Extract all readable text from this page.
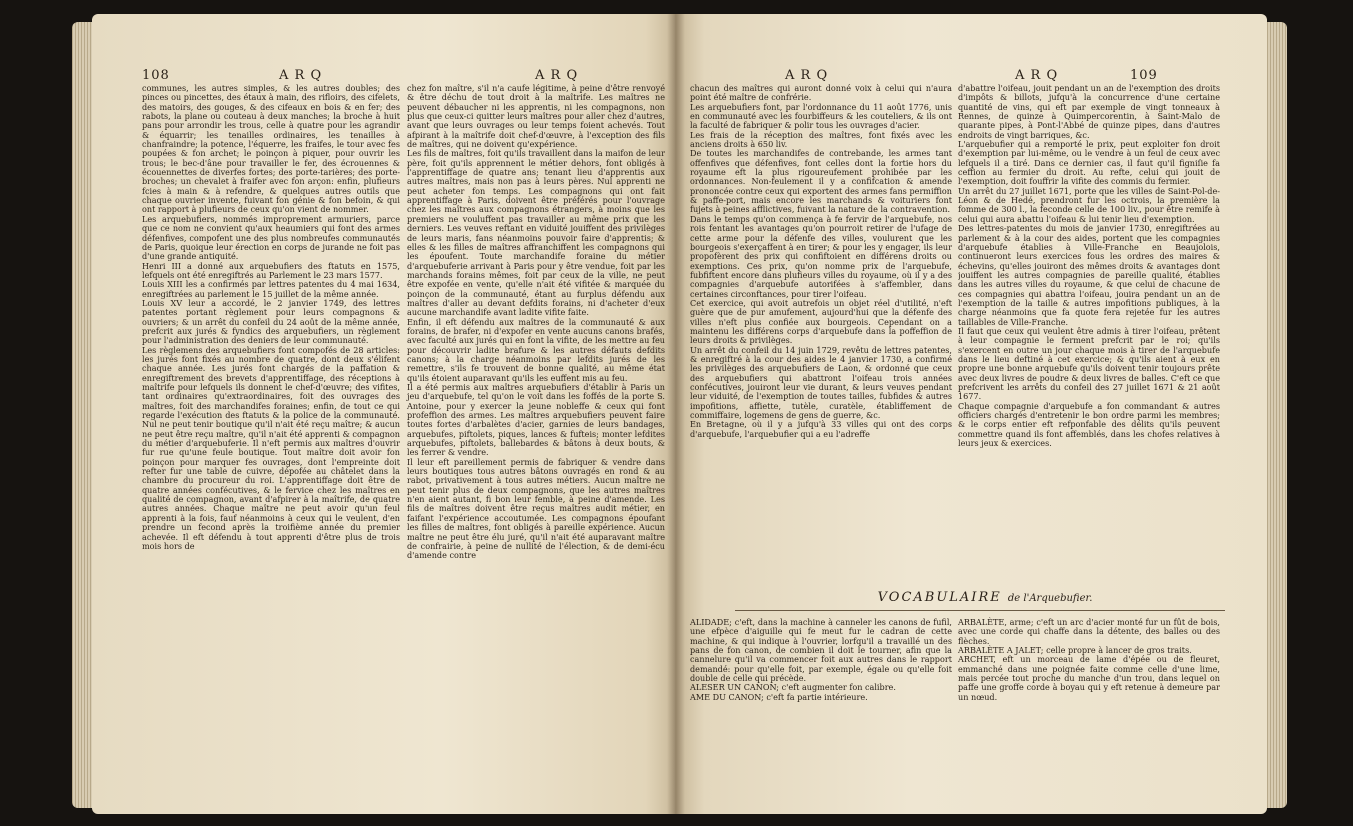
108	A R Q	A R Q
communes, les autres simples, & les autres doubles; des pinces ou pincettes, des étaux à main, des rifloirs, des cifelets, des matoirs, des gouges, & des cifeaux en bois & en fer; des rabots, la plane ou couteau à deux manches; la broche à huit pans pour arrondir les trous, celle à quatre pour les agrandir & équarrir; les tenailles ordinaires, les tenailles à chanfraindre; la potence, l'équerre, les fraifes, le tour avec fes poupées & fon archet; le poinçon à piquer, pour ouvrir les trous; le bec-d'âne pour travailler le fer, des écrouennes & écouennettes de diverfes fortes; des porte-tarières; des porte-broches; un chevalet à fraifer avec fon arçon: enfin, plufieurs fcies à main & à refendre, & quelques autres outils que chaque ouvrier invente, fuivant fon génie & fon befoin, & qui ont rapport à plufieurs de ceux qu'on vient de nommer.
Les arquebufiers, nommés improprement armuriers, parce que ce nom ne convient qu'aux heaumiers qui font des armes défenfives, compofent une des plus nombreufes communautés de Paris, quoique leur érection en corps de jurande ne foit pas d'une grande antiquité.
Henri III a donné aux arquebufiers des ftatuts en 1575, lefquels ont été enregiftrés au Parlement le 23 mars 1577.
Louis XIII les a confirmés par lettres patentes du 4 mai 1634, enregiftrées au parlement le 15 juillet de la même année.
Louis XV leur a accordé, le 2 janvier 1749, des lettres patentes portant règlement pour leurs compagnons & ouvriers; & un arrêt du confeil du 24 août de la même année, prefcrit aux jurés & fyndics des arquebufiers, un règlement pour l'administration des deniers de leur communauté.
Les règlemens des arquebufiers font compofés de 28 articles: les jurés font fixés au nombre de quatre, dont deux s'élifent chaque année. Les jurés font chargés de la paffation & enregiftrement des brevets d'apprentiffage, des réceptions à maîtrife pour lefquels ils donnent le chef-d'œuvre; des vifites, tant ordinaires qu'extraordinaires, foit des ouvrages des maîtres, foit des marchandifes foraines; enfin, de tout ce qui regarde l'exécution des ftatuts & la police de la communauté. Nul ne peut tenir boutique qu'il n'ait été reçu maître; & aucun ne peut être reçu maître, qu'il n'ait été apprenti & compagnon du métier d'arquebuferie. Il n'eft permis aux maîtres d'ouvrir fur rue qu'une feule boutique. Tout maître doit avoir fon poinçon pour marquer fes ouvrages, dont l'empreinte doit refter fur une table de cuivre, dépofée au châtelet dans la chambre du procureur du roi. L'apprentiffage doit être de quatre années confécutives, & le fervice chez les maîtres en qualité de compagnon, avant d'afpirer à la maîtrife, de quatre autres années. Chaque maître ne peut avoir qu'un feul apprenti à la fois, fauf néanmoins à ceux qui le veulent, d'en prendre un fecond après la troifième année du premier achevée. Il eft défendu à tout apprenti d'être plus de trois mois hors de
chez fon maître, s'il n'a caufe légitime, à peine d'être renvoyé & être déchu de tout droit à la maîtrife. Les maîtres ne peuvent débaucher ni les apprentis, ni les compagnons, non plus que ceux-ci quitter leurs maîtres pour aller chez d'autres, avant que leurs ouvrages ou leur temps foient achevés. Tout afpirant à la maîtrife doit chef-d'œuvre, à l'exception des fils de maîtres, qui ne doivent qu'expérience.
Les fils de maîtres, foit qu'ils travaillent dans la maifon de leur père, foit qu'ils apprennent le métier dehors, font obligés à l'apprentiffage de quatre ans; tenant lieu d'apprentis aux autres maîtres, mais non pas à leurs pères. Nul apprenti ne peut acheter fon temps. Les compagnons qui ont fait apprentiffage à Paris, doivent être préférés pour l'ouvrage chez les maîtres aux compagnons étrangers, à moins que les premiers ne vouluffent pas travailler au même prix que les derniers. Les veuves reftant en viduité jouiffent des privilèges de leurs maris, fans néanmoins pouvoir faire d'apprentis; & elles & les filles de maîtres affranchiffent les compagnons qui les époufent. Toute marchandife foraine du métier d'arquebuferie arrivant à Paris pour y être vendue, foit par les marchands forains mêmes, foit par ceux de la ville, ne peut être expofée en vente, qu'elle n'ait été vifitée & marquée du poinçon de la communauté, étant au furplus défendu aux maîtres d'aller au devant defdits forains, ni d'acheter d'eux aucune marchandife avant ladite vifite faite.
Enfin, il eft défendu aux maîtres de la communauté & aux forains, de brafer, ni d'expofer en vente aucuns canons brafés, avec faculté aux jurés qui en font la vifite, de les mettre au feu pour découvrir ladite brafure & les autres défauts defdits canons; à la charge néanmoins par lefdits jurés de les remettre, s'ils fe trouvent de bonne qualité, au même état qu'ils étoient auparavant qu'ils les euffent mis au feu.
Il a été permis aux maîtres arquebufiers d'établir à Paris un jeu d'arquebufe, tel qu'on le voit dans les foffés de la porte S. Antoine, pour y exercer la jeune nobleffe & ceux qui font profeffion des armes. Les maîtres arquebufiers peuvent faire toutes fortes d'arbalètes d'acier, garnies de leurs bandages, arquebufes, piftolets, piques, lances & fufteis; monter lefdites arquebufes, piftolets, ballebardes & bâtons à deux bouts, & les ferrer & vendre.
Il leur eft pareillement permis de fabriquer & vendre dans leurs boutiques tous autres bâtons ouvragés en rond & au rabot, privativement à tous autres métiers. Aucun maître ne peut tenir plus de deux compagnons, que les autres maîtres n'en aient autant, fi bon leur femble, à peine d'amende. Les fils de maîtres doivent être reçus maîtres audit métier, en faifant l'expérience accoutumée. Les compagnons époufant les filles de maîtres, font obligés à pareille expérience. Aucun maître ne peut être élu juré, qu'il n'ait été auparavant maître de confrairie, à peine de nullité de l'élection, & de demi-écu d'amende contre
A R Q	A R Q	109
chacun des maîtres qui auront donné voix à celui qui n'aura point été maître de confrérie.
Les arquebufiers font, par l'ordonnance du 11 août 1776, unis en communauté avec les fourbiffeurs & les couteliers, & ils ont la faculté de fabriquer & polir tous les ouvrages d'acier.
Les frais de la réception des maîtres, font fixés avec les anciens droits à 650 liv.
De toutes les marchandifes de contrebande, les armes tant offenfives que défenfives, font celles dont la fortie hors du royaume eft la plus rigoureufement prohibée par les ordonnances. Non-feulement il y a confifcation & amende prononcée contre ceux qui exportent des armes fans permiffion & paffe-port, mais encore les marchands & voituriers font fujets à peines afflictives, fuivant la nature de la contravention.
Dans le temps qu'on commença à fe fervir de l'arquebufe, nos rois fentant les avantages qu'on pourroit retirer de l'ufage de cette arme pour la défenfe des villes, voulurent que les bourgeois s'exerçaffent à en tirer; & pour les y engager, ils leur propofèrent des prix qui confiftoient en différens droits ou exemptions. Ces prix, qu'on nomme prix de l'arquebufe, fubfiftent encore dans plufieurs villes du royaume, où il y a des compagnies d'arquebufe autorifées à s'affembler, dans certaines circonftances, pour tirer l'oifeau.
Cet exercice, qui avoit autrefois un objet réel d'utilité, n'eft guère que de pur amufement, aujourd'hui que la défenfe des villes n'eft plus confiée aux bourgeois. Cependant on a maintenu les différens corps d'arquebufe dans la poffeffion de leurs droits & privilèges.
Un arrêt du confeil du 14 juin 1729, revêtu de lettres patentes, & enregiftré à la cour des aides le 4 janvier 1730, a confirmé les privilèges des arquebufiers de Laon, & ordonné que ceux des arquebufiers qui abattront l'oifeau trois années confécutives, jouiront leur vie durant, & leurs veuves pendant leur viduité, de l'exemption de toutes tailles, fubfides & autres impofitions, affiette, tutèle, curatèle, établiffement de commiffaire, logemens de gens de guerre, &c.
En Bretagne, où il y a jufqu'à 33 villes qui ont des corps d'arquebufe, l'arquebufier qui a eu l'adreffe
d'abattre l'oifeau, jouit pendant un an de l'exemption des droits d'impôts & billots, jufqu'à la concurrence d'une certaine quantité de vins, qui eft par exemple de vingt tonneaux à Rennes, de quinze à Quimpercorentin, à Saint-Malo de quarante pipes, à Pont-l'Abbé de quinze pipes, dans d'autres endroits de vingt barriques, &c.
L'arquebufier qui a remporté le prix, peut exploiter fon droit d'exemption par lui-même, ou le vendre à un feul de ceux avec lefquels il a tiré. Dans ce dernier cas, il faut qu'il figniſie fa ceffion au fermier du droit. Au refte, celui qui jouit de l'exemption, doit fouffrir la vifite des commis du fermier.
Un arrêt du 27 juillet 1671, porte que les villes de Saint-Pol-de-Léon & de Hedé, prendront fur les octrois, la première la fomme de 300 l., la feconde celle de 100 liv., pour être remife à celui qui aura abattu l'oifeau & lui tenir lieu d'exemption.
Des lettres-patentes du mois de janvier 1730, enregiftrées au parlement & à la cour des aides, portent que les compagnies d'arquebufe établies à Ville-Franche en Beaujolois, continueront leurs exercices fous les ordres des maires & échevins, qu'elles jouiront des mêmes droits & avantages dont jouiffent les autres compagnies de pareille qualité, établies dans les autres villes du royaume, & que celui de chacune de ces compagnies qui abattra l'oifeau, jouira pendant un an de l'exemption de la taille & autres impofitions publiques, à la charge néanmoins que fa quote fera rejetée fur les autres taillables de Ville-Franche.
Il faut que ceux qui veulent être admis à tirer l'oifeau, prêtent à leur compagnie le ferment prefcrit par le roi; qu'ils s'exercent en outre un jour chaque mois à tirer de l'arquebufe dans le lieu deftiné à cet exercice; & qu'ils aient à eux en propre une bonne arquebufe qu'ils doivent tenir toujours prête avec deux livres de poudre & deux livres de balles. C'eft ce que prefcrivent les arrêts du confeil des 27 juillet 1671 & 21 août 1677.
Chaque compagnie d'arquebufe a fon commandant & autres officiers chargés d'entretenir le bon ordre parmi les membres; & le corps entier eft refponfable des délits qu'ils peuvent commettre quand ils font affemblés, dans les chofes relatives à leurs jeux & exercices.
VOCABULAIRE de l'Arquebufier.
ALIDADE; c'eft, dans la machine à canneler les canons de fufil, une efpèce d'aiguille qui fe meut fur le cadran de cette machine, & qui indique à l'ouvrier, lorfqu'il a travaillé un des pans de fon canon, de combien il doit le tourner, afin que la cannelure qu'il va commencer foit aux autres dans le rapport demandé: pour qu'elle foit, par exemple, égale ou qu'elle foit double de celle qui précède.
ALESER UN CANON; c'eft augmenter fon calibre.
AME DU CANON; c'eft fa partie intérieure.
ARBALÈTE, arme; c'eft un arc d'acier monté fur un fût de bois, avec une corde qui chaffe dans la détente, des balles ou des flèches.
ARBALÈTE A JALET; celle propre à lancer de gros traits.
ARCHET, eft un morceau de lame d'épée ou de fleuret, emmanché dans une poignée faite comme celle d'une lime, mais percée tout proche du manche d'un trou, dans lequel on paffe une groffe corde à boyau qui y eft retenue à demeure par un nœud.
